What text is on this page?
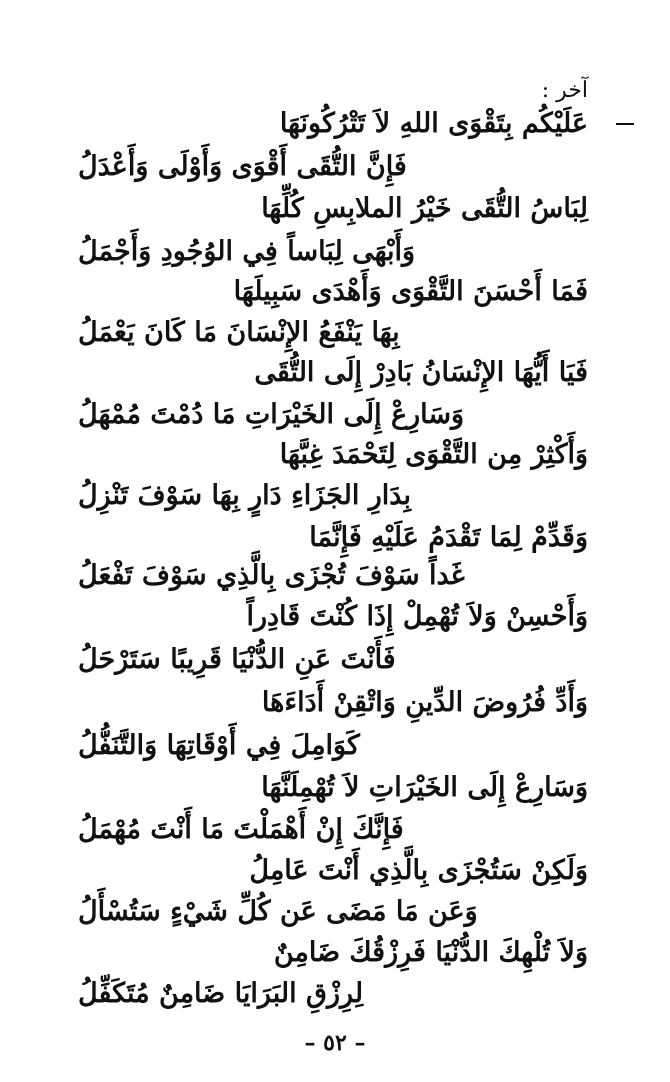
آخر :
عَلَيْكُم بِتَقْوَى اللهِ لاَ تَتْرُكُونَهَا
فَإِنَّ التُّقَى أَقْوَى وَأَوْلَى وَأَعْدَلُ
لِبَاسُ التُّقَى خَيْرُ الملابِسِ كُلِّهَا
وَأَبْهَى لِبَاساً فِي الوُجُودِ وَأَجْمَلُ
فَمَا أَحْسَنَ التَّقْوَى وَأَهْدَى سَبِيلَهَا
بِهَا يَنْفَعُ الإِنْسَانَ مَا كَانَ يَعْمَلُ
فَيَا أَيُّهَا الإِنْسَانُ بَادِرْ إِلَى التُّقَى
وَسَارِعْ إِلَى الخَيْرَاتِ مَا دُمْتَ مُمْهَلُ
وَأَكْثِرْ مِن التَّقْوَى لِتَحْمَدَ غِبَّهَا
بِدَارِ الجَزَاءِ دَارٍ بِهَا سَوْفَ تَنْزِلُ
وَقَدِّمْ لِمَا تَقْدَمُ عَلَيْهِ فَإِنَّمَا
غَداً سَوْفَ تُجْزَى بِالَّذِي سَوْفَ تَفْعَلُ
وَأَحْسِنْ وَلاَ تُهْمِلْ إِذَا كُنْتَ قَادِراً
فَأَنْتَ عَنِ الدُّنْيَا قَرِيبًا سَتَرْحَلُ
وَأَدِّ فُرُوضَ الدِّينِ وَاتْقِنْ أَدَاءَهَا
كَوَامِلَ فِي أَوْقَاتِهَا وَالتَّنَفُّلُ
وَسَارِعْ إِلَى الخَيْرَاتِ لاَ تُهْمِلَنَّهَا
فَإِنَّكَ إِنْ أَهْمَلْتَ مَا أَنْتَ مُهْمَلُ
وَلَكِنْ سَتُجْزَى بِالَّذِي أَنْتَ عَامِلُ
وَعَن مَا مَضَى عَن كُلِّ شَيْءٍ سَتُسْأَلُ
وَلاَ تُلْهِكَ الدُّنْيَا فَرِزْقُكَ ضَامِنٌ
لِرِزْقِ البَرَايَا ضَامِنٌ مُتَكَفِّلُ
– ٥٢ –
